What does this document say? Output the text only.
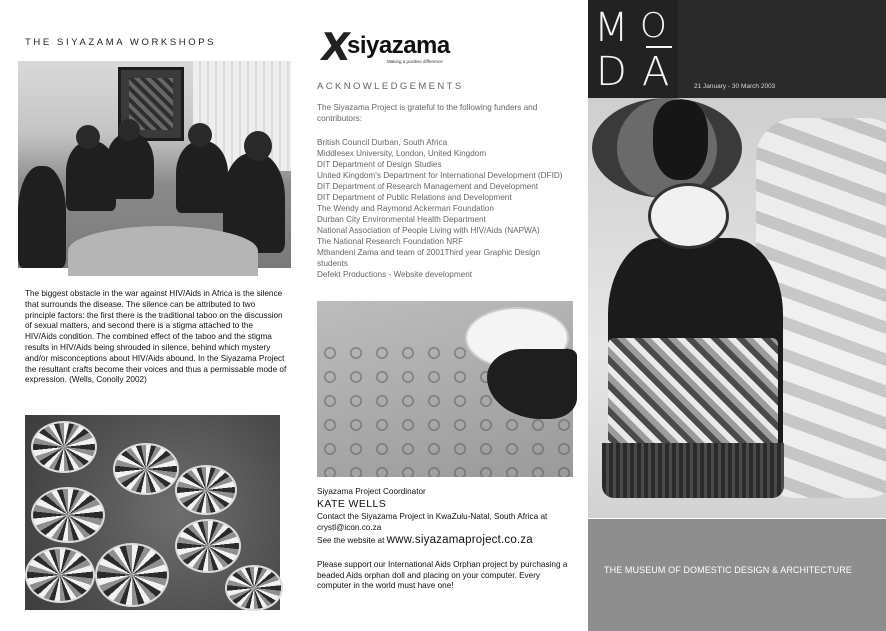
THE SIYAZAMA WORKSHOPS
The biggest obstacle in the war against HIV/Aids in Africa is the silence that surrounds the disease. The silence can be attributed to two principle factors: the first there is the traditional taboo on the discussion of sexual matters, and second there is a stigma attached to the HIV/Aids condition. The combined effect of the taboo and the stigma results in HIV/Aids being shrouded in silence, behind which mystery and/or misconceptions about HIV/Aids abound. In the Siyazama Project the resultant crafts become their voices and thus a permissable mode of expression. (Wells, Conolly 2002)
X
siyazama
Making a positive difference
ACKNOWLEDGEMENTS
The Siyazama Project is grateful to the following funders and contributors:
British Council Durban, South Africa
Middlesex University, London, United Kingdom
DIT Department of Design Studies
United Kingdom's Department for International Development (DFID)
DIT Department of Research Management and Development
DIT Department of Public Relations and Development
The Wendy and Raymond Ackerman Foundation
Durban City Environmental Health Department
National Association of People Living with HIV/Aids (NAPWA)
The National Research Foundation NRF
Mthandeni Zama and team of 2001Third year Graphic Design students
Defekt Productions - Website development
Siyazama Project Coordinator
KATE WELLS
Contact the Siyazama Project in KwaZulu-Natal, South Africa at crystl@icon.co.za
See the website at www.siyazamaproject.co.za
Please support our International Aids Orphan project by purchasing a beaded Aids orphan doll and placing on your computer. Every computer in the world must have one!
M O
D A	21 January - 30 March 2003
THE MUSEUM OF DOMESTIC DESIGN & ARCHITECTURE
